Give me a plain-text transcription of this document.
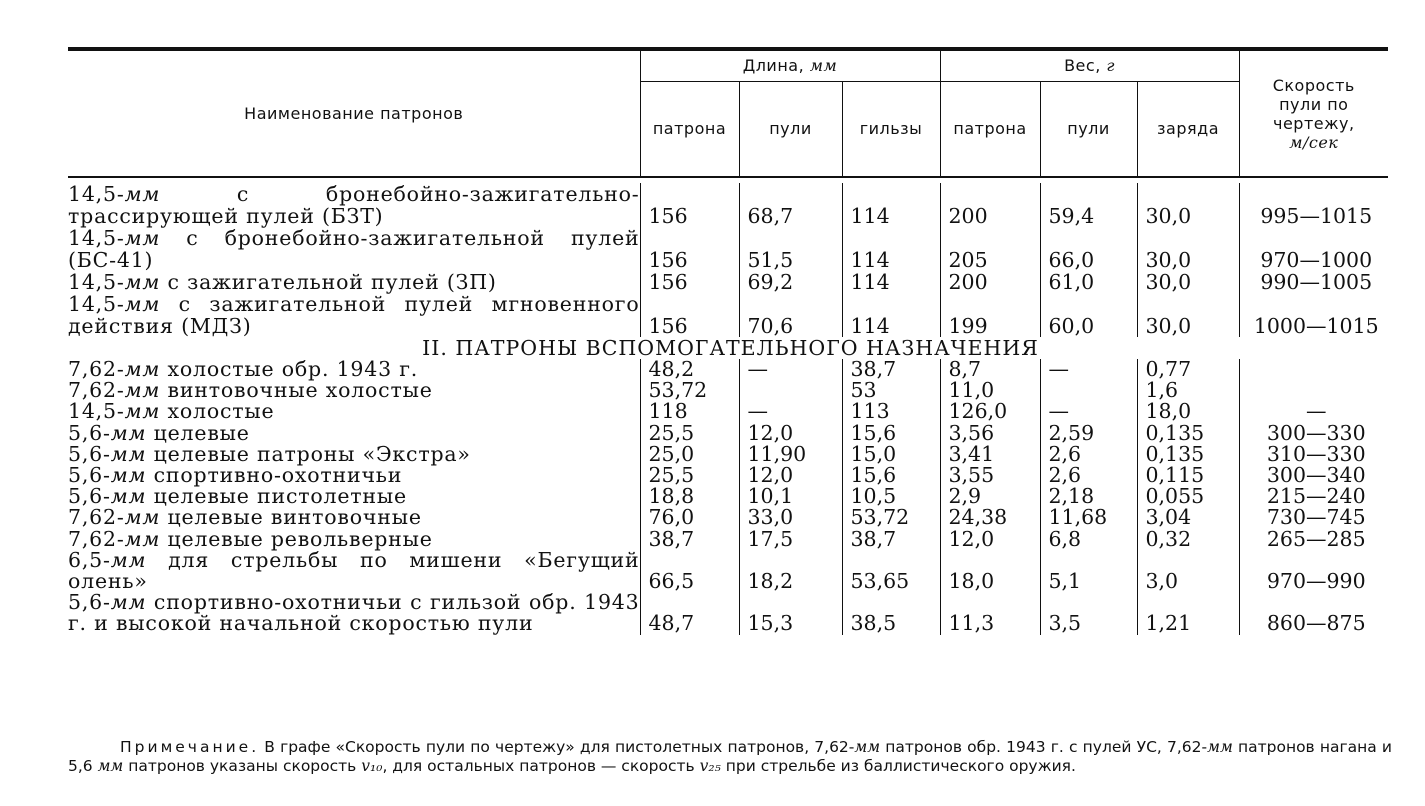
Наименование патронов	Длина, мм			Вес, г			Скорость
пули по
чертежу,
м/сек
	патрона	пули	гильзы	патрона	пули	заряда	
14,5-мм с бронебойно-зажигательно-трассирующей пулей (БЗТ)	156	68,7	114	200	59,4	30,0	995—1015
14,5-мм с бронебойно-зажигательной пулей (БС-41)	156	51,5	114	205	66,0	30,0	970—1000
14,5-мм с зажигательной пулей (ЗП)	156	69,2	114	200	61,0	30,0	990—1005
14,5-мм с зажигательной пулей мгновенного действия (МДЗ)	156	70,6	114	199	60,0	30,0	1000—1015
II. ПАТРОНЫ ВСПОМОГАТЕЛЬНОГО НАЗНАЧЕНИЯ							
7,62-мм холостые обр. 1943 г.	48,2	—	38,7	8,7	—	0,77	
7,62-мм винтовочные холостые	53,72		53	11,0		1,6	
14,5-мм холостые	118	—	113	126,0	—	18,0	—
5,6-мм целевые	25,5	12,0	15,6	3,56	2,59	0,135	300—330
5,6-мм целевые патроны «Экстра»	25,0	11,90	15,0	3,41	2,6	0,135	310—330
5,6-мм спортивно-охотничьи	25,5	12,0	15,6	3,55	2,6	0,115	300—340
5,6-мм целевые пистолетные	18,8	10,1	10,5	2,9	2,18	0,055	215—240
7,62-мм целевые винтовочные	76,0	33,0	53,72	24,38	11,68	3,04	730—745
7,62-мм целевые револьверные	38,7	17,5	38,7	12,0	6,8	0,32	265—285
6,5-мм для стрельбы по мишени «Бегущий олень»	66,5	18,2	53,65	18,0	5,1	3,0	970—990
5,6-мм спортивно-охотничьи с гильзой обр. 1943 г. и высокой начальной скоростью пули	48,7	15,3	38,5	11,3	3,5	1,21	860—875

Примечание. В графе «Скорость пули по чертежу» для пистолетных патронов, 7,62-мм патронов обр. 1943 г. с пулей УС, 7,62-мм патронов нагана и 5,6 мм патронов указаны скорость v₁₀, для остальных патронов — скорость v₂₅ при стрельбе из баллистического оружия.
